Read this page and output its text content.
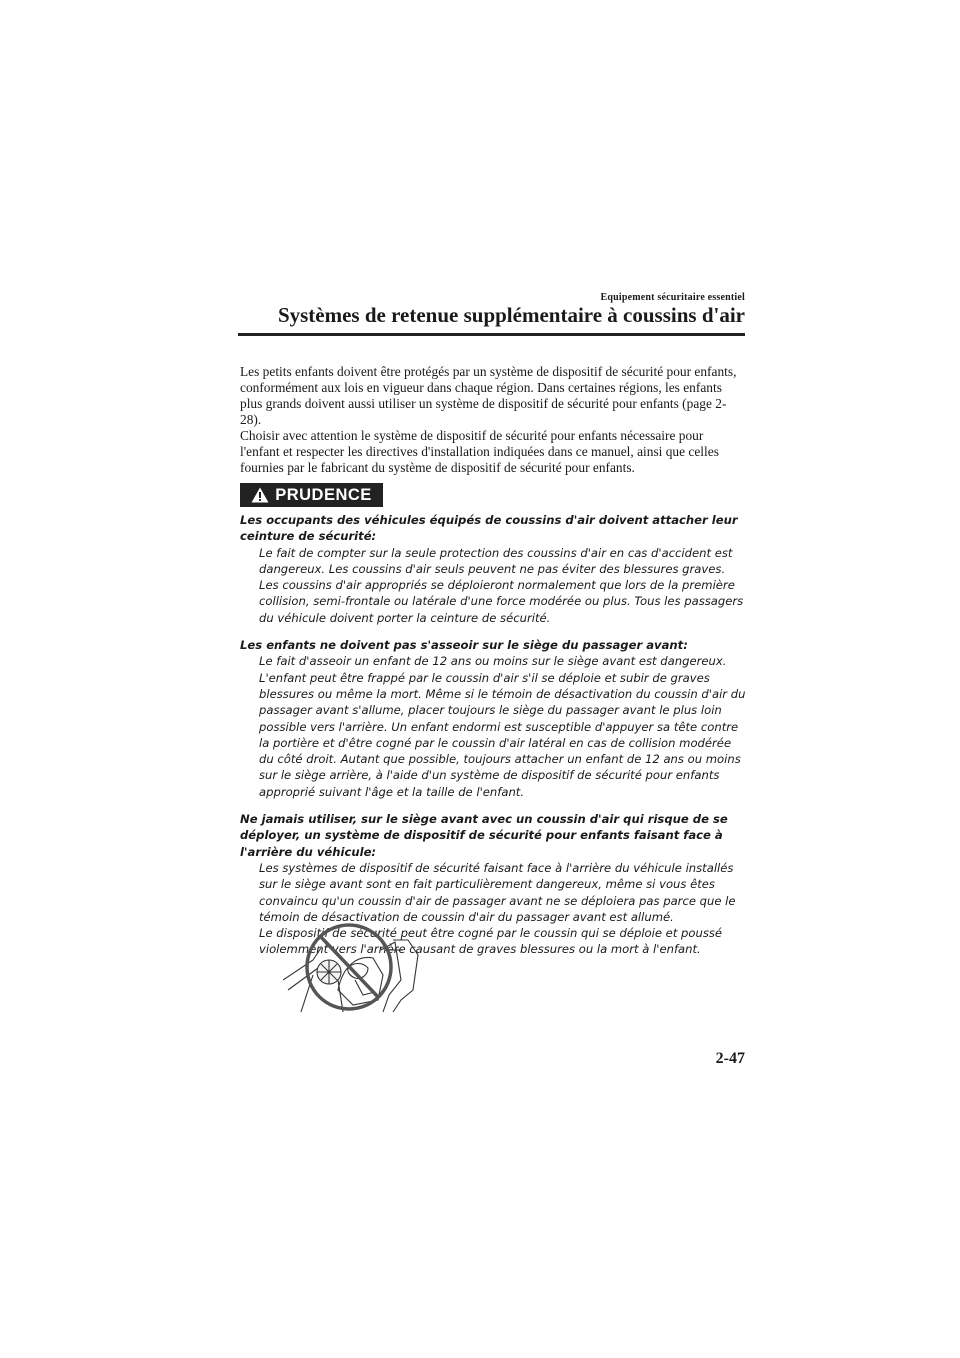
Equipement sécuritaire essentiel
Systèmes de retenue supplémentaire à coussins d'air

Les petits enfants doivent être protégés par un système de dispositif de sécurité pour enfants, conformément aux lois en vigueur dans chaque région. Dans certaines régions, les enfants plus grands doivent aussi utiliser un système de dispositif de sécurité pour enfants (page 2-28).

Choisir avec attention le système de dispositif de sécurité pour enfants nécessaire pour l'enfant et respecter les directives d'installation indiquées dans ce manuel, ainsi que celles fournies par le fabricant du système de dispositif de sécurité pour enfants.

PRUDENCE

Les occupants des véhicules équipés de coussins d'air doivent attacher leur ceinture de sécurité:

Le fait de compter sur la seule protection des coussins d'air en cas d'accident est dangereux. Les coussins d'air seuls peuvent ne pas éviter des blessures graves. Les coussins d'air appropriés se déploieront normalement que lors de la première collision, semi-frontale ou latérale d'une force modérée ou plus. Tous les passagers du véhicule doivent porter la ceinture de sécurité.

Les enfants ne doivent pas s'asseoir sur le siège du passager avant:

Le fait d'asseoir un enfant de 12 ans ou moins sur le siège avant est dangereux. L'enfant peut être frappé par le coussin d'air s'il se déploie et subir de graves blessures ou même la mort. Même si le témoin de désactivation du coussin d'air du passager avant s'allume, placer toujours le siège du passager avant le plus loin possible vers l'arrière. Un enfant endormi est susceptible d'appuyer sa tête contre la portière et d'être cogné par le coussin d'air latéral en cas de collision modérée du côté droit. Autant que possible, toujours attacher un enfant de 12 ans ou moins sur le siège arrière, à l'aide d'un système de dispositif de sécurité pour enfants approprié suivant l'âge et la taille de l'enfant.

Ne jamais utiliser, sur le siège avant avec un coussin d'air qui risque de se déployer, un système de dispositif de sécurité pour enfants faisant face à l'arrière du véhicule:

Les systèmes de dispositif de sécurité faisant face à l'arrière du véhicule installés sur le siège avant sont en fait particulièrement dangereux, même si vous êtes convaincu qu'un coussin d'air de passager avant ne se déploiera pas parce que le témoin de désactivation de coussin d'air du passager avant est allumé.

Le dispositif de sécurité peut être cogné par le coussin qui se déploie et poussé violemment vers l'arrière causant de graves blessures ou la mort à l'enfant.

2-47
